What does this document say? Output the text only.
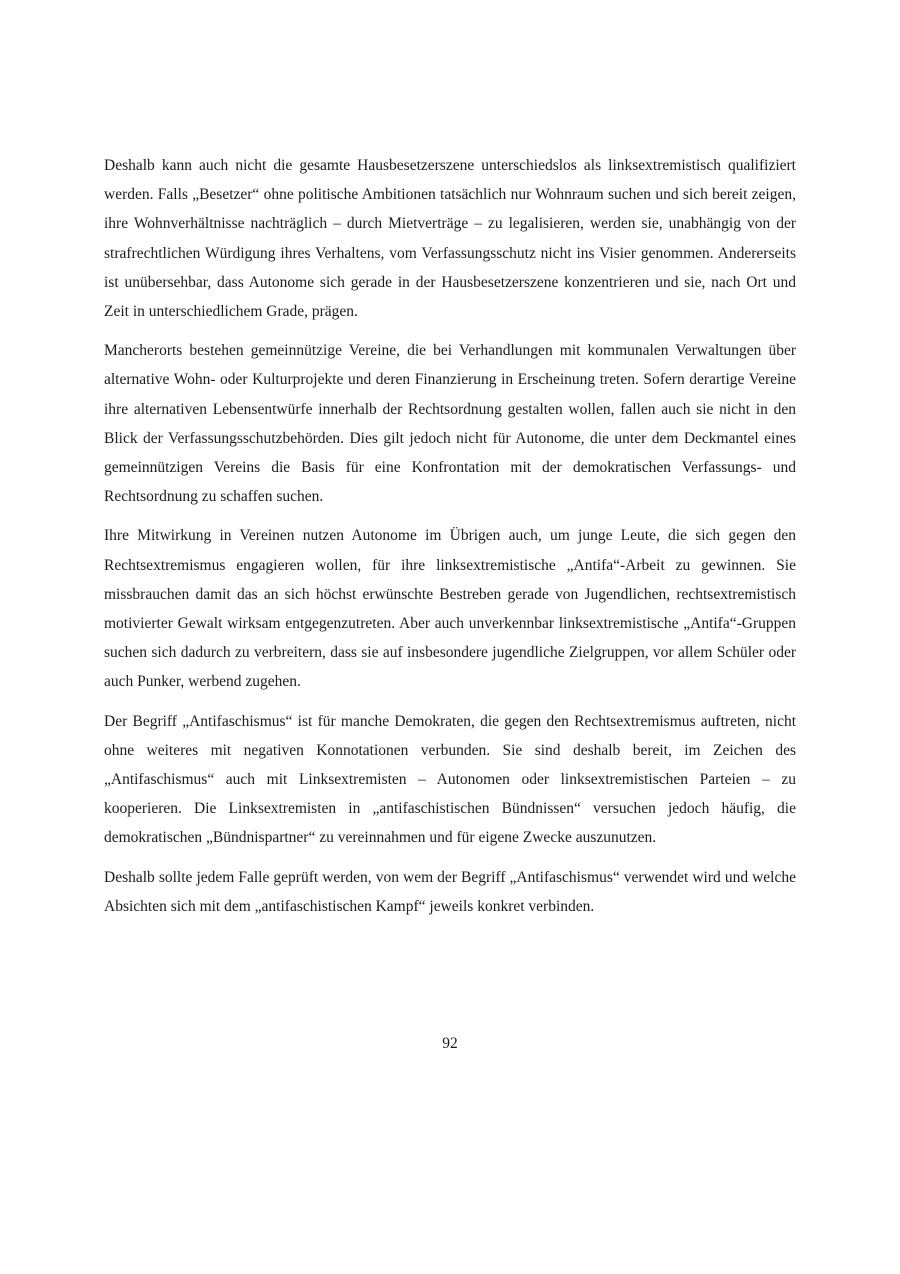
Deshalb kann auch nicht die gesamte Hausbesetzerszene unterschiedslos als linksextremistisch qualifiziert werden. Falls „Besetzer“ ohne politische Ambitionen tatsächlich nur Wohnraum suchen und sich bereit zeigen, ihre Wohnverhältnisse nachträglich – durch Mietverträge – zu legalisieren, werden sie, unabhängig von der strafrechtlichen Würdigung ihres Verhaltens, vom Verfassungsschutz nicht ins Visier genommen. Andererseits ist unübersehbar, dass Autonome sich gerade in der Hausbesetzerszene konzentrieren und sie, nach Ort und Zeit in unterschiedlichem Grade, prägen.

Mancherorts bestehen gemeinnützige Vereine, die bei Verhandlungen mit kommunalen Verwaltungen über alternative Wohn- oder Kulturprojekte und deren Finanzierung in Erscheinung treten. Sofern derartige Vereine ihre alternativen Lebensentwürfe innerhalb der Rechtsordnung gestalten wollen, fallen auch sie nicht in den Blick der Verfassungsschutzbehörden. Dies gilt jedoch nicht für Autonome, die unter dem Deckmantel eines gemeinnützigen Vereins die Basis für eine Konfrontation mit der demokratischen Verfassungs- und Rechtsordnung zu schaffen suchen.

Ihre Mitwirkung in Vereinen nutzen Autonome im Übrigen auch, um junge Leute, die sich gegen den Rechtsextremismus engagieren wollen, für ihre linksextremistische „Antifa“-Arbeit zu gewinnen. Sie missbrauchen damit das an sich höchst erwünschte Bestreben gerade von Jugendlichen, rechtsextremistisch motivierter Gewalt wirksam entgegenzutreten. Aber auch unverkennbar linksextremistische „Antifa“-Gruppen suchen sich dadurch zu verbreitern, dass sie auf insbesondere jugendliche Zielgruppen, vor allem Schüler oder auch Punker, werbend zugehen.

Der Begriff „Antifaschismus“ ist für manche Demokraten, die gegen den Rechtsextremismus auftreten, nicht ohne weiteres mit negativen Konnotationen verbunden. Sie sind deshalb bereit, im Zeichen des „Antifaschismus“ auch mit Linksextremisten – Autonomen oder linksextremistischen Parteien – zu kooperieren. Die Linksextremisten in „antifaschistischen Bündnissen“ versuchen jedoch häufig, die demokratischen „Bündnispartner“ zu vereinnahmen und für eigene Zwecke auszunutzen.

Deshalb sollte jedem Falle geprüft werden, von wem der Begriff „Antifaschismus“ verwendet wird und welche Absichten sich mit dem „antifaschistischen Kampf“ jeweils konkret verbinden.

92
